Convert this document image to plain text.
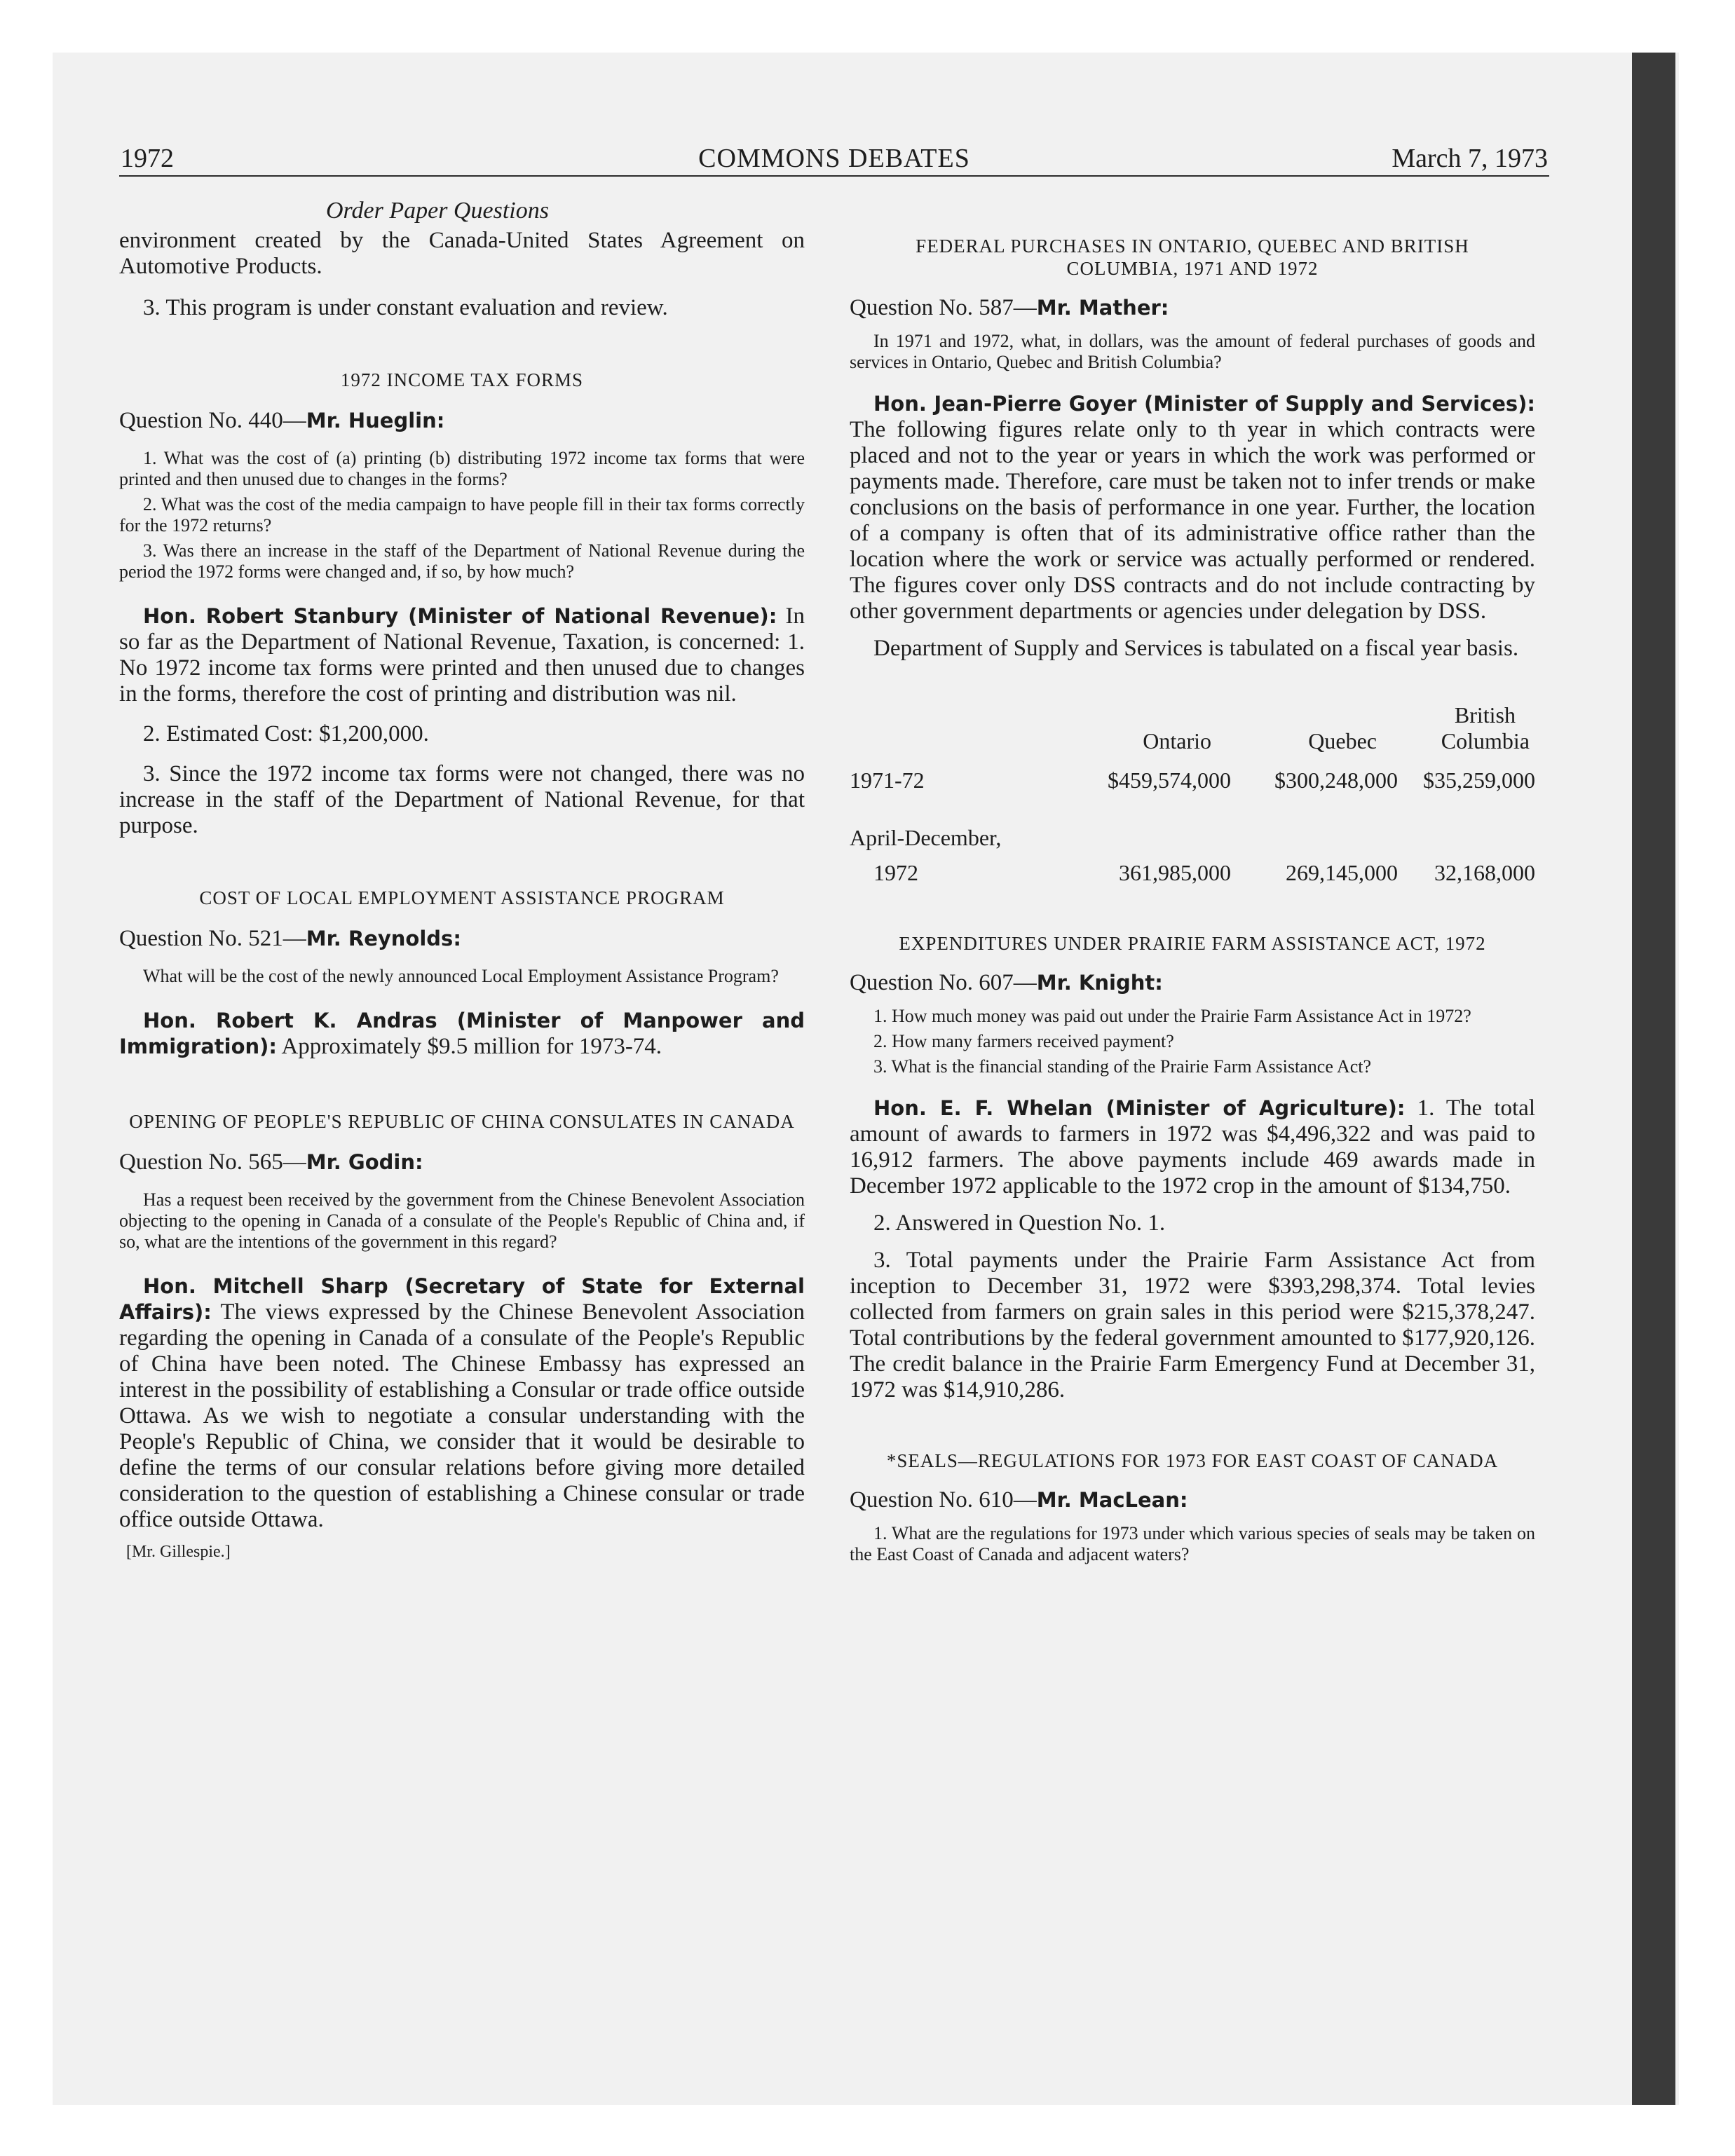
1972	COMMONS DEBATES	March 7, 1973
Order Paper Questions

environment created by the Canada-United States Agreement on Automotive Products.

3. This program is under constant evaluation and review.

1972 INCOME TAX FORMS

Question No. 440—Mr. Hueglin:

1. What was the cost of (a) printing (b) distributing 1972 income tax forms that were printed and then unused due to changes in the forms?

2. What was the cost of the media campaign to have people fill in their tax forms correctly for the 1972 returns?

3. Was there an increase in the staff of the Department of National Revenue during the period the 1972 forms were changed and, if so, by how much?

Hon. Robert Stanbury (Minister of National Revenue): In so far as the Department of National Revenue, Taxation, is concerned: 1. No 1972 income tax forms were printed and then unused due to changes in the forms, therefore the cost of printing and distribution was nil.

2. Estimated Cost: $1,200,000.

3. Since the 1972 income tax forms were not changed, there was no increase in the staff of the Department of National Revenue, for that purpose.

COST OF LOCAL EMPLOYMENT ASSISTANCE PROGRAM

Question No. 521—Mr. Reynolds:

What will be the cost of the newly announced Local Employment Assistance Program?

Hon. Robert K. Andras (Minister of Manpower and Immigration): Approximately $9.5 million for 1973-74.

OPENING OF PEOPLE'S REPUBLIC OF CHINA CONSULATES IN CANADA

Question No. 565—Mr. Godin:

Has a request been received by the government from the Chinese Benevolent Association objecting to the opening in Canada of a consulate of the People's Republic of China and, if so, what are the intentions of the government in this regard?

Hon. Mitchell Sharp (Secretary of State for External Affairs): The views expressed by the Chinese Benevolent Association regarding the opening in Canada of a consulate of the People's Republic of China have been noted. The Chinese Embassy has expressed an interest in the possibility of establishing a Consular or trade office outside Ottawa. As we wish to negotiate a consular understanding with the People's Republic of China, we consider that it would be desirable to define the terms of our consular relations before giving more detailed consideration to the question of establishing a Chinese consular or trade office outside Ottawa.

[Mr. Gillespie.]

FEDERAL PURCHASES IN ONTARIO, QUEBEC AND BRITISH COLUMBIA, 1971 AND 1972

Question No. 587—Mr. Mather:

In 1971 and 1972, what, in dollars, was the amount of federal purchases of goods and services in Ontario, Quebec and British Columbia?

Hon. Jean-Pierre Goyer (Minister of Supply and Services): The following figures relate only to th year in which contracts were placed and not to the year or years in which the work was performed or payments made. Therefore, care must be taken not to infer trends or make conclusions on the basis of performance in one year. Further, the location of a company is often that of its administrative office rather than the location where the work or service was actually performed or rendered. The figures cover only DSS contracts and do not include contracting by other government departments or agencies under delegation by DSS.

Department of Supply and Services is tabulated on a fiscal year basis.

			British
	Ontario	Quebec	Columbia
1971-72	$459,574,000	$300,248,000	$35,259,000
April-December,			
1972	361,985,000	269,145,000	32,168,000

EXPENDITURES UNDER PRAIRIE FARM ASSISTANCE ACT, 1972

Question No. 607—Mr. Knight:

1. How much money was paid out under the Prairie Farm Assistance Act in 1972?

2. How many farmers received payment?

3. What is the financial standing of the Prairie Farm Assistance Act?

Hon. E. F. Whelan (Minister of Agriculture): 1. The total amount of awards to farmers in 1972 was $4,496,322 and was paid to 16,912 farmers. The above payments include 469 awards made in December 1972 applicable to the 1972 crop in the amount of $134,750.

2. Answered in Question No. 1.

3. Total payments under the Prairie Farm Assistance Act from inception to December 31, 1972 were $393,298,374. Total levies collected from farmers on grain sales in this period were $215,378,247. Total contributions by the federal government amounted to $177,920,126. The credit balance in the Prairie Farm Emergency Fund at December 31, 1972 was $14,910,286.

*SEALS—REGULATIONS FOR 1973 FOR EAST COAST OF CANADA

Question No. 610—Mr. MacLean:

1. What are the regulations for 1973 under which various species of seals may be taken on the East Coast of Canada and adjacent waters?
